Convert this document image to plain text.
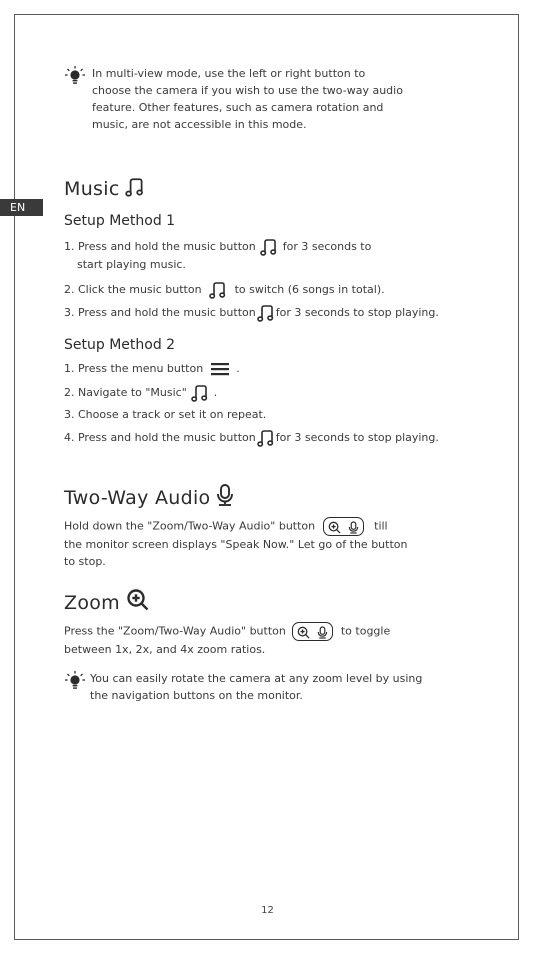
EN
In multi-view mode, use the left or right button to
choose the camera if you wish to use the two-way audio
feature. Other features, such as camera rotation and
music, are not accessible in this mode.
Music
Setup Method 1
1. Press and hold the music button for 3 seconds to
start playing music.
2. Click the music button	to switch (6 songs in total).
3. Press and hold the music button for 3 seconds to stop playing.
Setup Method 2
1. Press the menu button	.
2. Navigate to "Music" .
3. Choose a track or set it on repeat.
4. Press and hold the music button for 3 seconds to stop playing.
Two-Way Audio
Hold down the "Zoom/Two-Way Audio" button	till
the monitor screen displays "Speak Now." Let go of the button
to stop.
Zoom
Press the "Zoom/Two-Way Audio" button	to toggle
between 1x, 2x, and 4x zoom ratios.
You can easily rotate the camera at any zoom level by using
the navigation buttons on the monitor.
12
